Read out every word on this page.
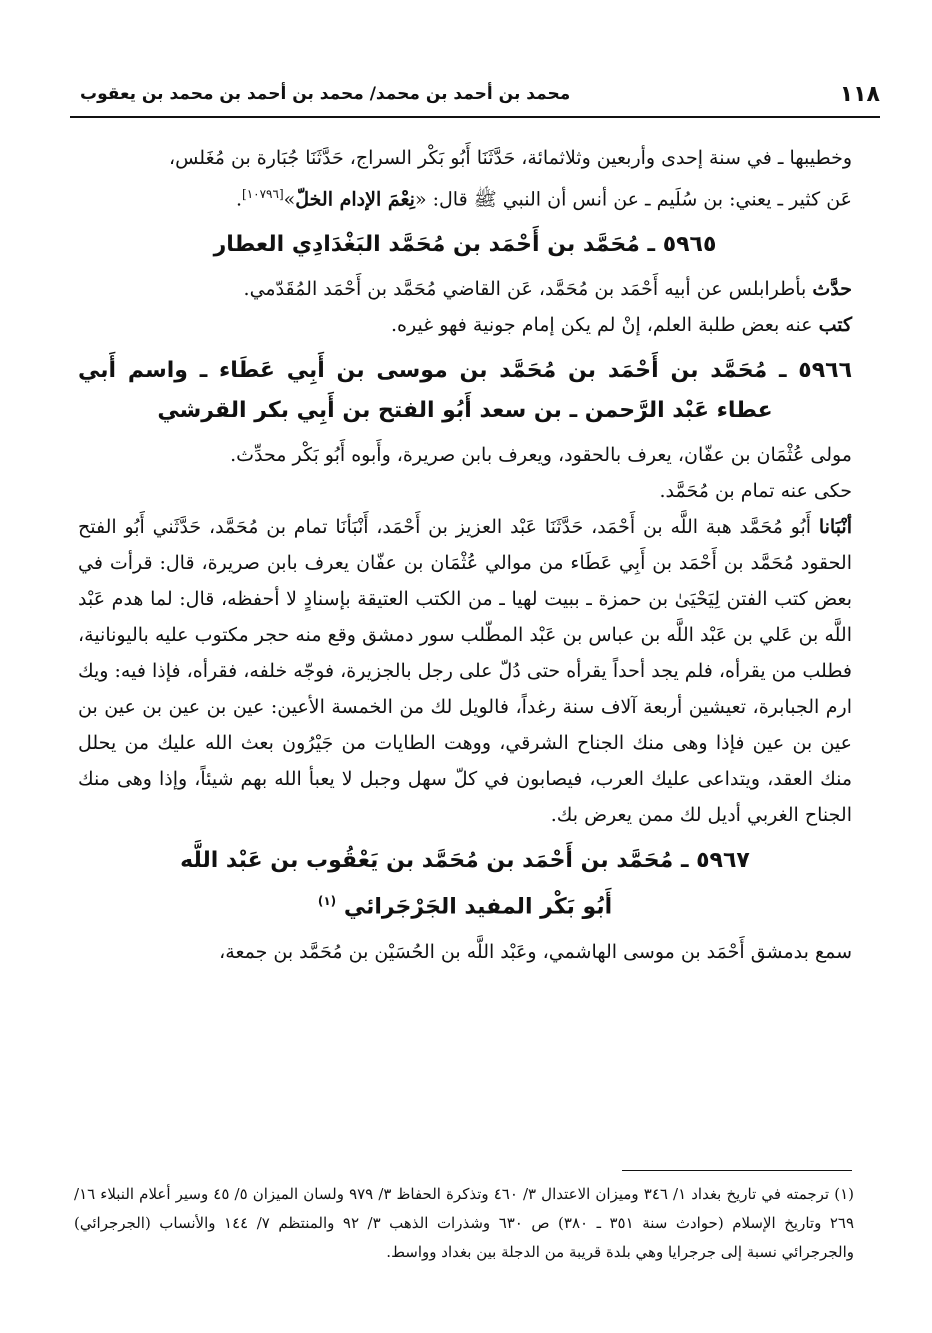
١١٨
محمد بن أحمد بن محمد/ محمد بن أحمد بن محمد بن يعقوب

وخطيبها ـ في سنة إحدى وأربعين وثلاثمائة، حَدَّثَنَا أَبُو بَكْر السراج، حَدَّثَنَا جُبَارة بن مُغَلس،

عَن كثير ـ يعني: بن سُلَيم ـ عن أنس أن النبي ﷺ قال: «نِعْمَ الإدام الخلّ»[١٠٧٩٦].

٥٩٦٥ ـ مُحَمَّد بن أَحْمَد بن مُحَمَّد البَغْدَادِي العطار

حدَّث بأطرابلس عن أبيه أَحْمَد بن مُحَمَّد، عَن القاضي مُحَمَّد بن أَحْمَد المُقَدّمي.

كتب عنه بعض طلبة العلم، إنْ لم يكن إمام جونية فهو غيره.

٥٩٦٦ ـ مُحَمَّد بن أَحْمَد بن مُحَمَّد بن موسى بن أَبِي عَطَاء ـ واسم أَبي عطاء عَبْد الرَّحمن ـ بن سعد أَبُو الفتح بن أَبِي بكر القرشي

مولى عُثْمَان بن عفّان، يعرف بالحقود، ويعرف بابن صريرة، وأَبوه أَبُو بَكْر محدِّث.

حكى عنه تمام بن مُحَمَّد.

أنْبَانا أَبُو مُحَمَّد هبة اللَّه بن أَحْمَد، حَدَّثَنَا عَبْد العزيز بن أَحْمَد، أَنْبَأنَا تمام بن مُحَمَّد، حَدَّثَني أَبُو الفتح الحقود مُحَمَّد بن أَحْمَد بن أَبِي عَطَاء من موالي عُثْمَان بن عفّان يعرف بابن صريرة، قال: قرأت في بعض كتب الفتن لِيَحْيَىٰ بن حمزة ـ ببيت لهيا ـ من الكتب العتيقة بإسنادٍ لا أحفظه، قال: لما هدم عَبْد اللَّه بن عَلي بن عَبْد اللَّه بن عباس بن عَبْد المطّلب سور دمشق وقع منه حجر مكتوب عليه باليونانية، فطلب من يقرأه، فلم يجد أحداً يقرأه حتى دُلّ على رجل بالجزيرة، فوجّه خلفه، فقرأه، فإذا فيه: ويك ارم الجبابرة، تعيشين أربعة آلاف سنة رغداً، فالويل لك من الخمسة الأعين: عين بن عين بن عين بن عين بن عين فإذا وهى منك الجناح الشرقي، ووهت الطايات من جَيْرُون بعث الله عليك من يحلل منك العقد، ويتداعى عليك العرب، فيصابون في كلّ سهل وجبل لا يعبأ الله بهم شيئاً، وإذا وهى منك الجناح الغربي أديل لك ممن يعرض بك.

٥٩٦٧ ـ مُحَمَّد بن أَحْمَد بن مُحَمَّد بن يَعْقُوب بن عَبْد اللَّه
أَبُو بَكْر المفيد الجَرْجَرائي $^{(١)}$

سمع بدمشق أَحْمَد بن موسى الهاشمي، وعَبْد اللَّه بن الحُسَيْن بن مُحَمَّد بن جمعة،

(١) ترجمته في تاريخ بغداد ١/ ٣٤٦ وميزان الاعتدال ٣/ ٤٦٠ وتذكرة الحفاظ ٣/ ٩٧٩ ولسان الميزان ٥/ ٤٥ وسير أعلام النبلاء ١٦/ ٢٦٩ وتاريخ الإسلام (حوادث سنة ٣٥١ ـ ٣٨٠) ص ٦٣٠ وشذرات الذهب ٣/ ٩٢ والمنتظم ٧/ ١٤٤ والأنساب (الجرجرائي) والجرجرائي نسبة إلى جرجرايا وهي بلدة قريبة من الدجلة بين بغداد وواسط.
